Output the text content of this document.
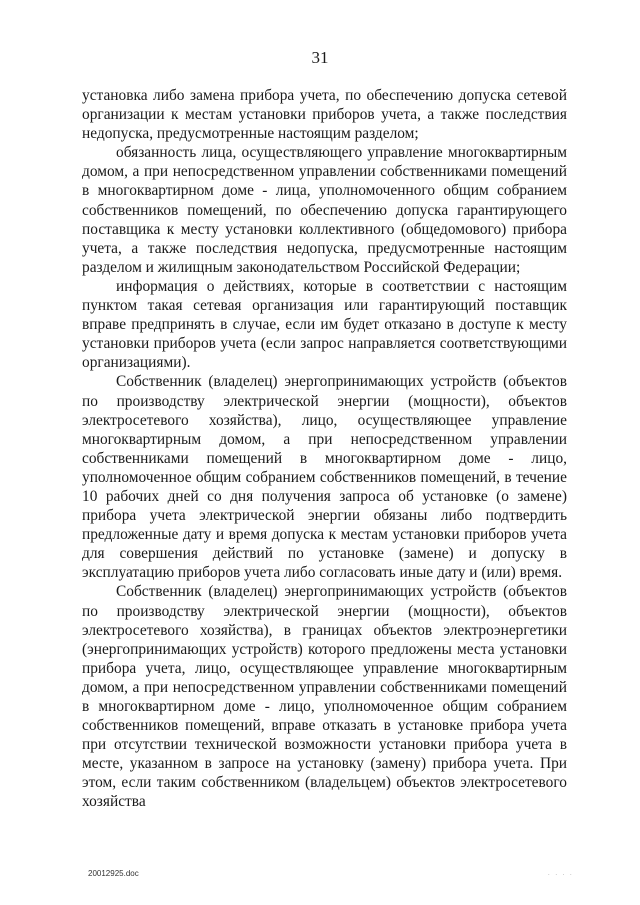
31

установка либо замена прибора учета, по обеспечению допуска сетевой организации к местам установки приборов учета, а также последствия недопуска, предусмотренные настоящим разделом;

обязанность лица, осуществляющего управление многоквартирным домом, а при непосредственном управлении собственниками помещений в многоквартирном доме - лица, уполномоченного общим собранием собственников помещений, по обеспечению допуска гарантирующего поставщика к месту установки коллективного (общедомового) прибора учета, а также последствия недопуска, предусмотренные настоящим разделом и жилищным законодательством Российской Федерации;

информация о действиях, которые в соответствии с настоящим пунктом такая сетевая организация или гарантирующий поставщик вправе предпринять в случае, если им будет отказано в доступе к месту установки приборов учета (если запрос направляется соответствующими организациями).

Собственник (владелец) энергопринимающих устройств (объектов по производству электрической энергии (мощности), объектов электросетевого хозяйства), лицо, осуществляющее управление многоквартирным домом, а при непосредственном управлении собственниками помещений в многоквартирном доме - лицо, уполномоченное общим собранием собственников помещений, в течение 10 рабочих дней со дня получения запроса об установке (о замене) прибора учета электрической энергии обязаны либо подтвердить предложенные дату и время допуска к местам установки приборов учета для совершения действий по установке (замене) и допуску в эксплуатацию приборов учета либо согласовать иные дату и (или) время.

Собственник (владелец) энергопринимающих устройств (объектов по производству электрической энергии (мощности), объектов электросетевого хозяйства), в границах объектов электроэнергетики (энергопринимающих устройств) которого предложены места установки прибора учета, лицо, осуществляющее управление многоквартирным домом, а при непосредственном управлении собственниками помещений в многоквартирном доме - лицо, уполномоченное общим собранием собственников помещений, вправе отказать в установке прибора учета при отсутствии технической возможности установки прибора учета в месте, указанном в запросе на установку (замену) прибора учета. При этом, если таким собственником (владельцем) объектов электросетевого хозяйства

20012925.doc	. . . .
